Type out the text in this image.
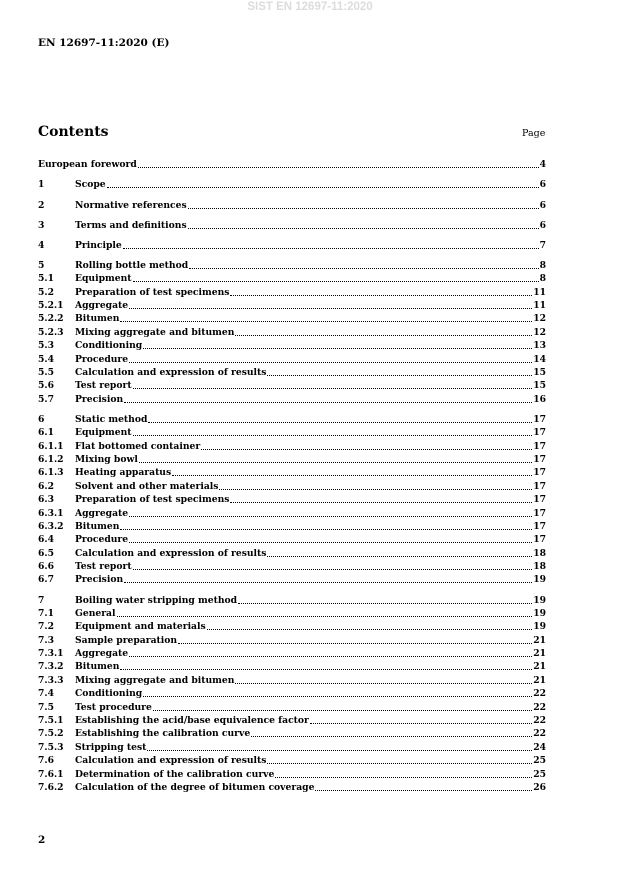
SIST EN 12697-11:2020
EN 12697-11:2020 (E)
Contents	Page
European foreword	4
1	Scope	6
2	Normative references	6
3	Terms and definitions	6
4	Principle	7
5	Rolling bottle method	8
5.1	Equipment	8
5.2	Preparation of test specimens	11
5.2.1	Aggregate	11
5.2.2	Bitumen	12
5.2.3	Mixing aggregate and bitumen	12
5.3	Conditioning	13
5.4	Procedure	14
5.5	Calculation and expression of results	15
5.6	Test report	15
5.7	Precision	16
6	Static method	17
6.1	Equipment	17
6.1.1	Flat bottomed container	17
6.1.2	Mixing bowl	17
6.1.3	Heating apparatus	17
6.2	Solvent and other materials	17
6.3	Preparation of test specimens	17
6.3.1	Aggregate	17
6.3.2	Bitumen	17
6.4	Procedure	17
6.5	Calculation and expression of results	18
6.6	Test report	18
6.7	Precision	19
7	Boiling water stripping method	19
7.1	General	19
7.2	Equipment and materials	19
7.3	Sample preparation	21
7.3.1	Aggregate	21
7.3.2	Bitumen	21
7.3.3	Mixing aggregate and bitumen	21
7.4	Conditioning	22
7.5	Test procedure	22
7.5.1	Establishing the acid/base equivalence factor	22
7.5.2	Establishing the calibration curve	22
7.5.3	Stripping test	24
7.6	Calculation and expression of results	25
7.6.1	Determination of the calibration curve	25
7.6.2	Calculation of the degree of bitumen coverage	26
2
